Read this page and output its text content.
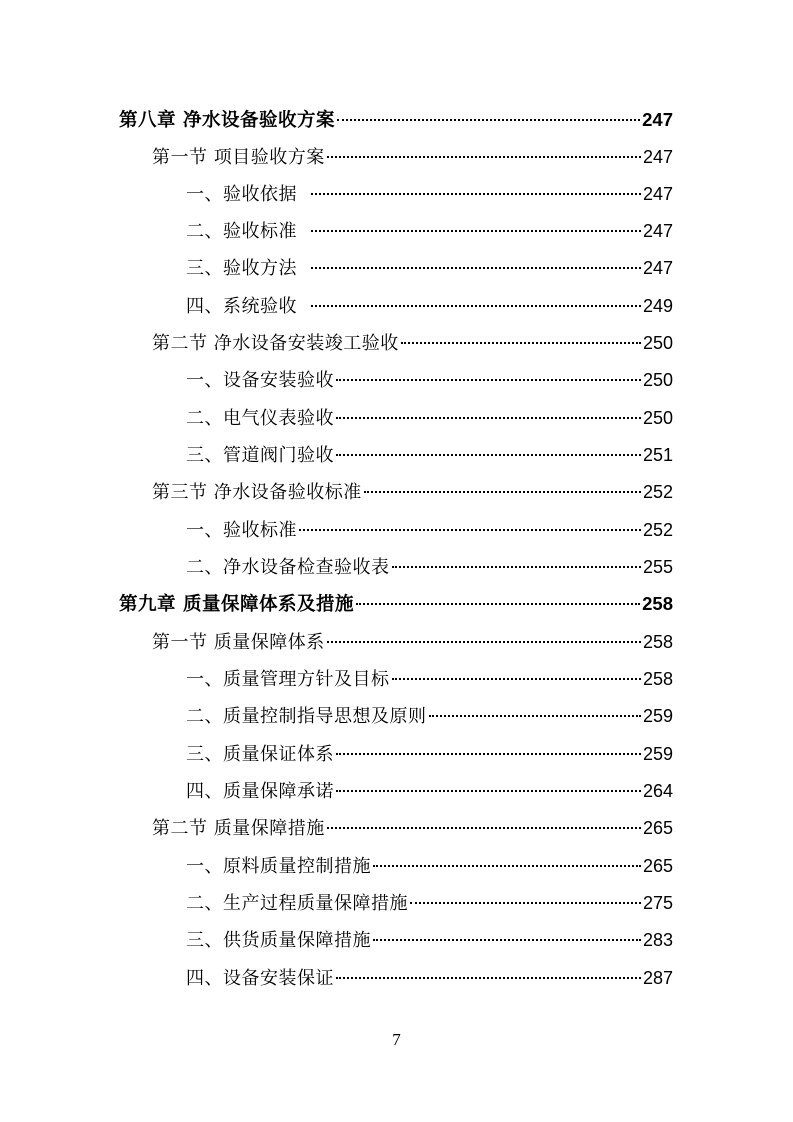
第八章 净水设备验收方案	247
第一节 项目验收方案	247
一、验收依据	247
二、验收标准	247
三、验收方法	247
四、系统验收	249
第二节 净水设备安装竣工验收	250
一、设备安装验收	250
二、电气仪表验收	250
三、管道阀门验收	251
第三节 净水设备验收标准	252
一、验收标准	252
二、净水设备检查验收表	255
第九章 质量保障体系及措施	258
第一节 质量保障体系	258
一、质量管理方针及目标	258
二、质量控制指导思想及原则	259
三、质量保证体系	259
四、质量保障承诺	264
第二节 质量保障措施	265
一、原料质量控制措施	265
二、生产过程质量保障措施	275
三、供货质量保障措施	283
四、设备安装保证	287
7
